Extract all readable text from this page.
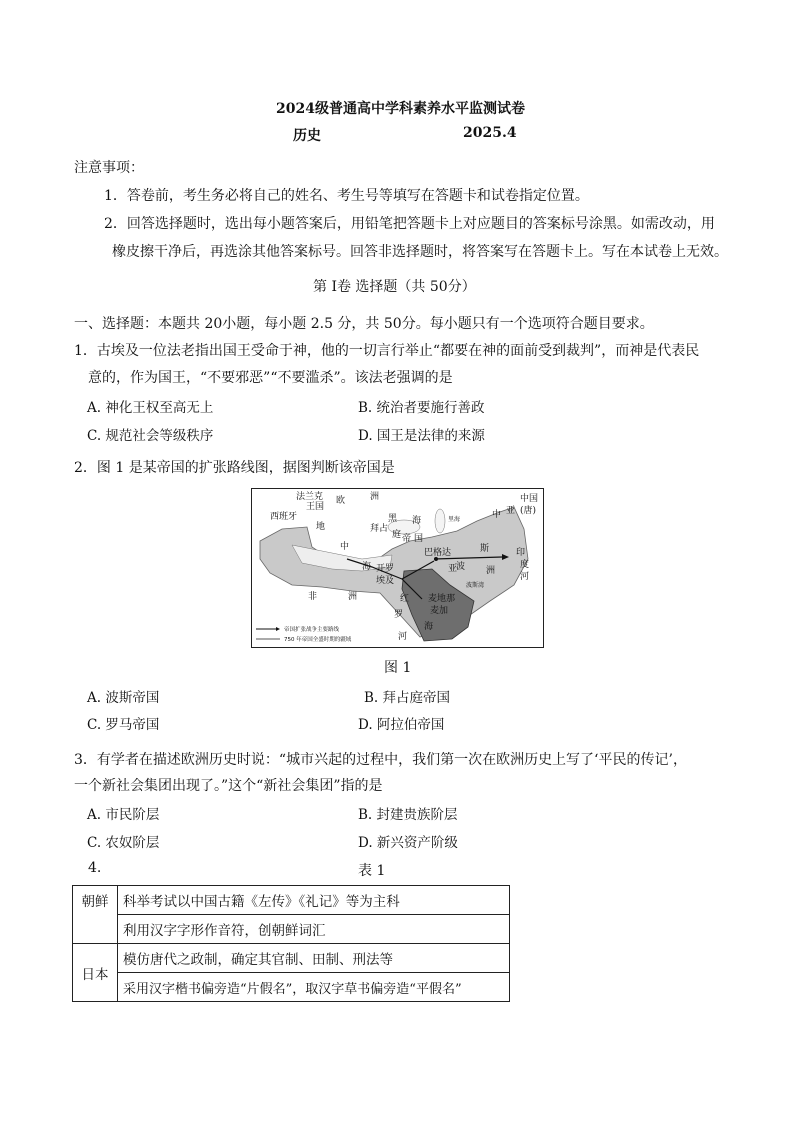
2024级普通高中学科素养水平监测试卷
历史	2025.4
注意事项：
1．答卷前，考生务必将自己的姓名、考生号等填写在答题卡和试卷指定位置。
2．回答选择题时，选出每小题答案后，用铅笔把答题卡上对应题目的答案标号涂黑。如需改动，用
橡皮擦干净后，再选涂其他答案标号。回答非选择题时，将答案写在答题卡上。写在本试卷上无效。
第 Ⅰ卷 选择题（共 50分）
一、选择题：本题共 20小题，每小题 2.5 分，共 50分。每小题只有一个选项符合题目要求。
1．古埃及一位法老指出国王受命于神，他的一切言行举止“都要在神的面前受到裁判”，而神是代表民
意的，作为国王，“不要邪恶”“不要滥杀”。该法老强调的是
A. 神化王权至高无上	B. 统治者要施行善政
C. 规范社会等级秩序	D. 国王是法律的来源
2．图 1 是某帝国的扩张路线图，据图判断该帝国是
法兰克
王国
欧	洲
西班牙
地
中
海
黑 海
拜占
庭 帝 国
里海
巴格达
波
斯
亚	洲
中 亚
中国
(唐)
印
度
河
开罗
埃及
红
海
麦地那
麦加
非	洲
罗
河
波斯湾
帝国扩张战争主要路线
750 年帝国全盛时期的疆域
图 1
A. 波斯帝国	B. 拜占庭帝国
C. 罗马帝国	D. 阿拉伯帝国
3．有学者在描述欧洲历史时说：“城市兴起的过程中，我们第一次在欧洲历史上写了‘平民的传记’，
一个新社会集团出现了。”这个“新社会集团”指的是
A. 市民阶层	B. 封建贵族阶层
C. 农奴阶层	D. 新兴资产阶级
4.	表 1
朝鲜	科举考试以中国古籍《左传》《礼记》等为主科
	利用汉字字形作音符，创朝鲜词汇
日本	模仿唐代之政制，确定其官制、田制、刑法等
	采用汉字楷书偏旁造“片假名”，取汉字草书偏旁造“平假名”
